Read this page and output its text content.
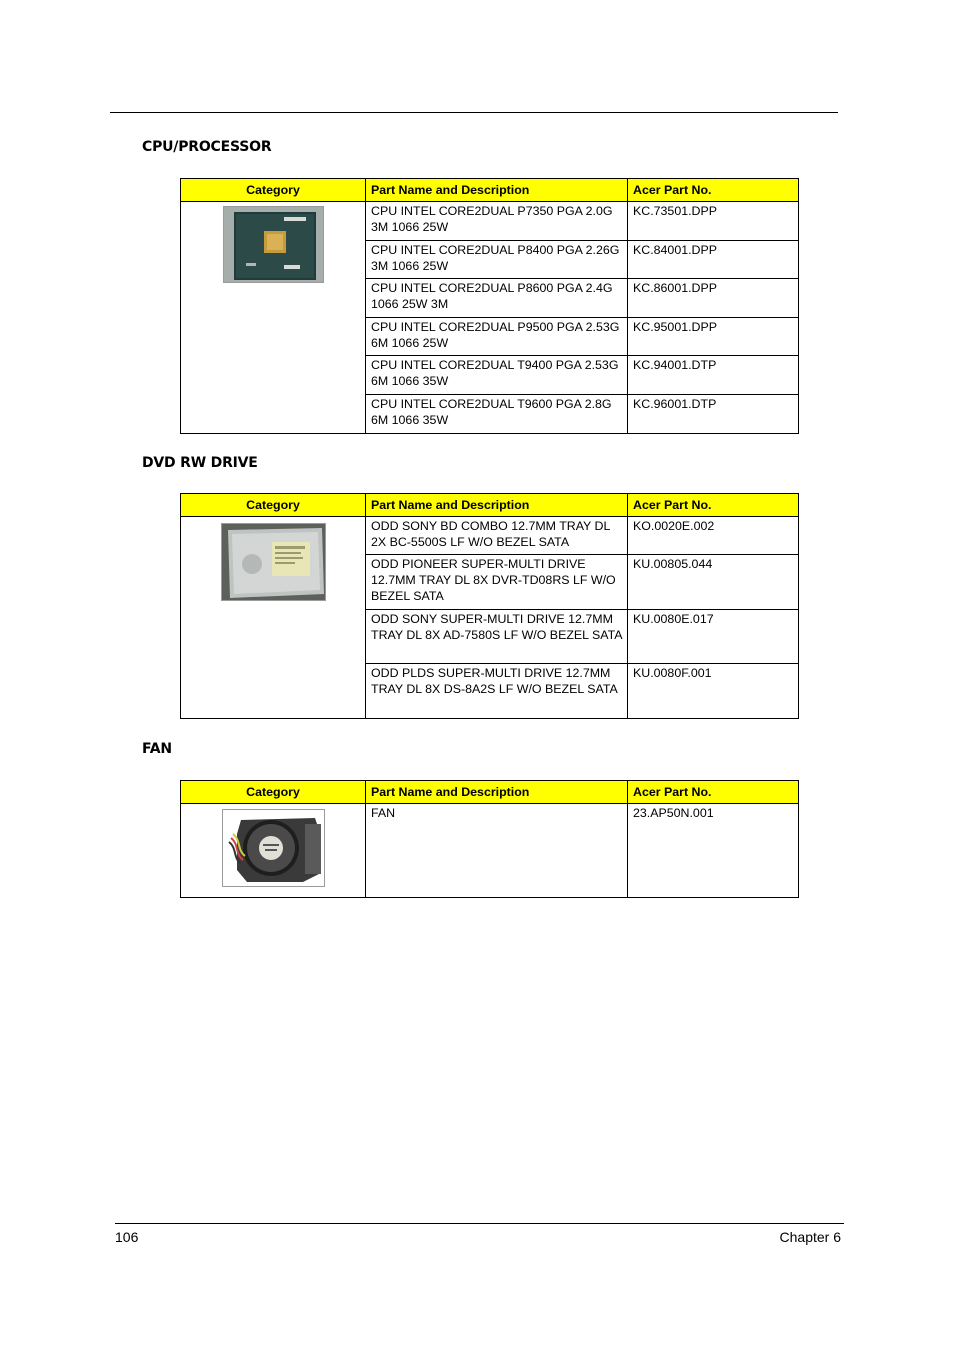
CPU/PROCESSOR
Category	Part Name and Description	Acer Part No.

	CPU INTEL CORE2DUAL P7350 PGA 2.0G 3M 1066 25W	KC.73501.DPP
	CPU INTEL CORE2DUAL P8400 PGA 2.26G 3M 1066 25W	KC.84001.DPP
	CPU INTEL CORE2DUAL P8600 PGA 2.4G 1066 25W 3M	KC.86001.DPP
	CPU INTEL CORE2DUAL P9500 PGA 2.53G 6M 1066 25W	KC.95001.DPP
	CPU INTEL CORE2DUAL T9400 PGA 2.53G 6M 1066 35W	KC.94001.DTP
	CPU INTEL CORE2DUAL T9600 PGA 2.8G 6M 1066 35W	KC.96001.DTP
DVD RW DRIVE
Category	Part Name and Description	Acer Part No.

	ODD SONY BD COMBO 12.7MM TRAY DL 2X BC-5500S LF W/O BEZEL SATA	KO.0020E.002
	ODD PIONEER SUPER-MULTI DRIVE 12.7MM TRAY DL 8X DVR-TD08RS LF W/O BEZEL SATA	KU.00805.044
	ODD SONY SUPER-MULTI DRIVE 12.7MM TRAY DL 8X AD-7580S LF W/O BEZEL SATA	KU.0080E.017
	ODD PLDS SUPER-MULTI DRIVE 12.7MM TRAY DL 8X DS-8A2S LF W/O BEZEL SATA	KU.0080F.001
FAN
Category	Part Name and Description	Acer Part No.

	FAN	23.AP50N.001
106	Chapter 6
